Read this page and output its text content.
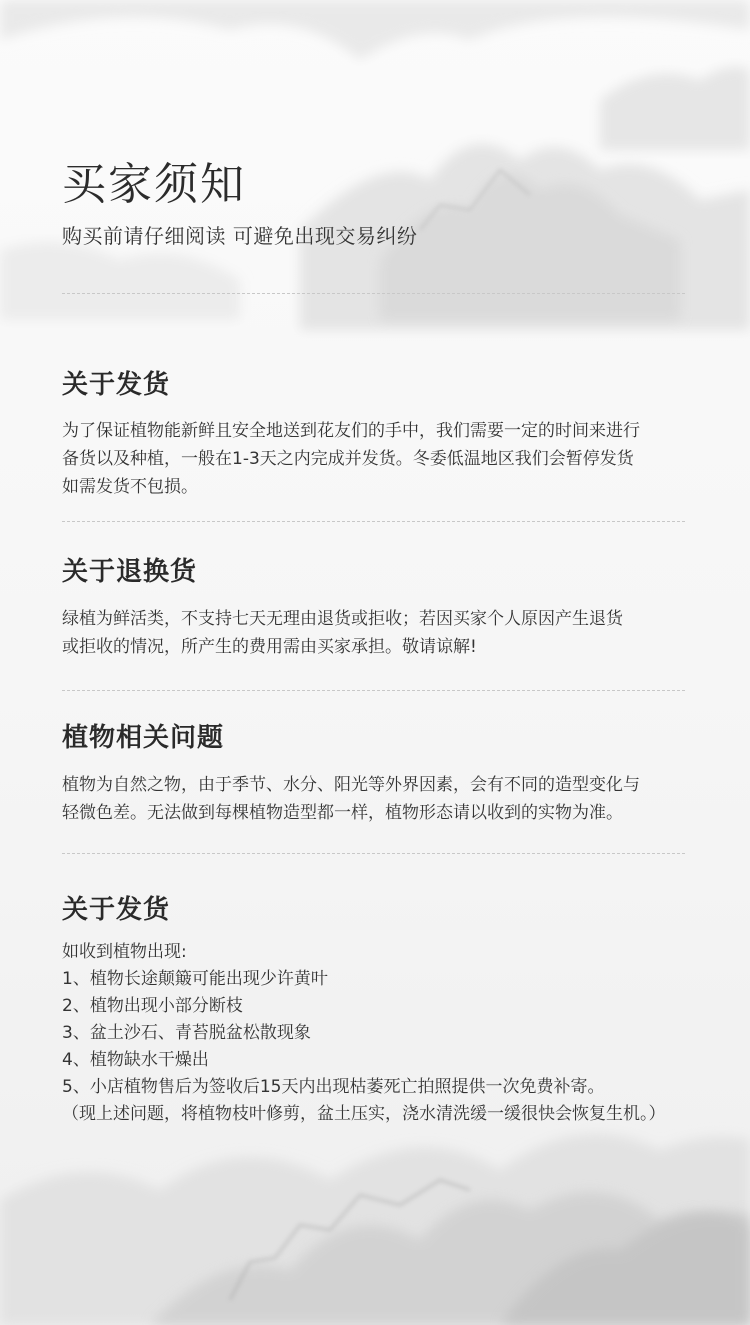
买家须知
购买前请仔细阅读 可避免出现交易纠纷
关于发货
为了保证植物能新鲜且安全地送到花友们的手中，我们需要一定的时间来进行
备货以及种植，一般在1-3天之内完成并发货。冬委低温地区我们会暂停发货
如需发货不包损。
关于退换货
绿植为鲜活类，不支持七天无理由退货或拒收；若因买家个人原因产生退货
或拒收的情况，所产生的费用需由买家承担。敬请谅解!
植物相关问题
植物为自然之物，由于季节、水分、阳光等外界因素，会有不同的造型变化与
轻微色差。无法做到每棵植物造型都一样，植物形态请以收到的实物为准。
关于发货
如收到植物出现:
1、植物长途颠簸可能出现少许黄叶
2、植物出现小部分断枝
3、盆土沙石、青苔脱盆松散现象
4、植物缺水干燥出
5、小店植物售后为签收后15天内出现枯萎死亡拍照提供一次免费补寄。
（现上述问题，将植物枝叶修剪，盆土压实，浇水清洗缓一缓很快会恢复生机。）
